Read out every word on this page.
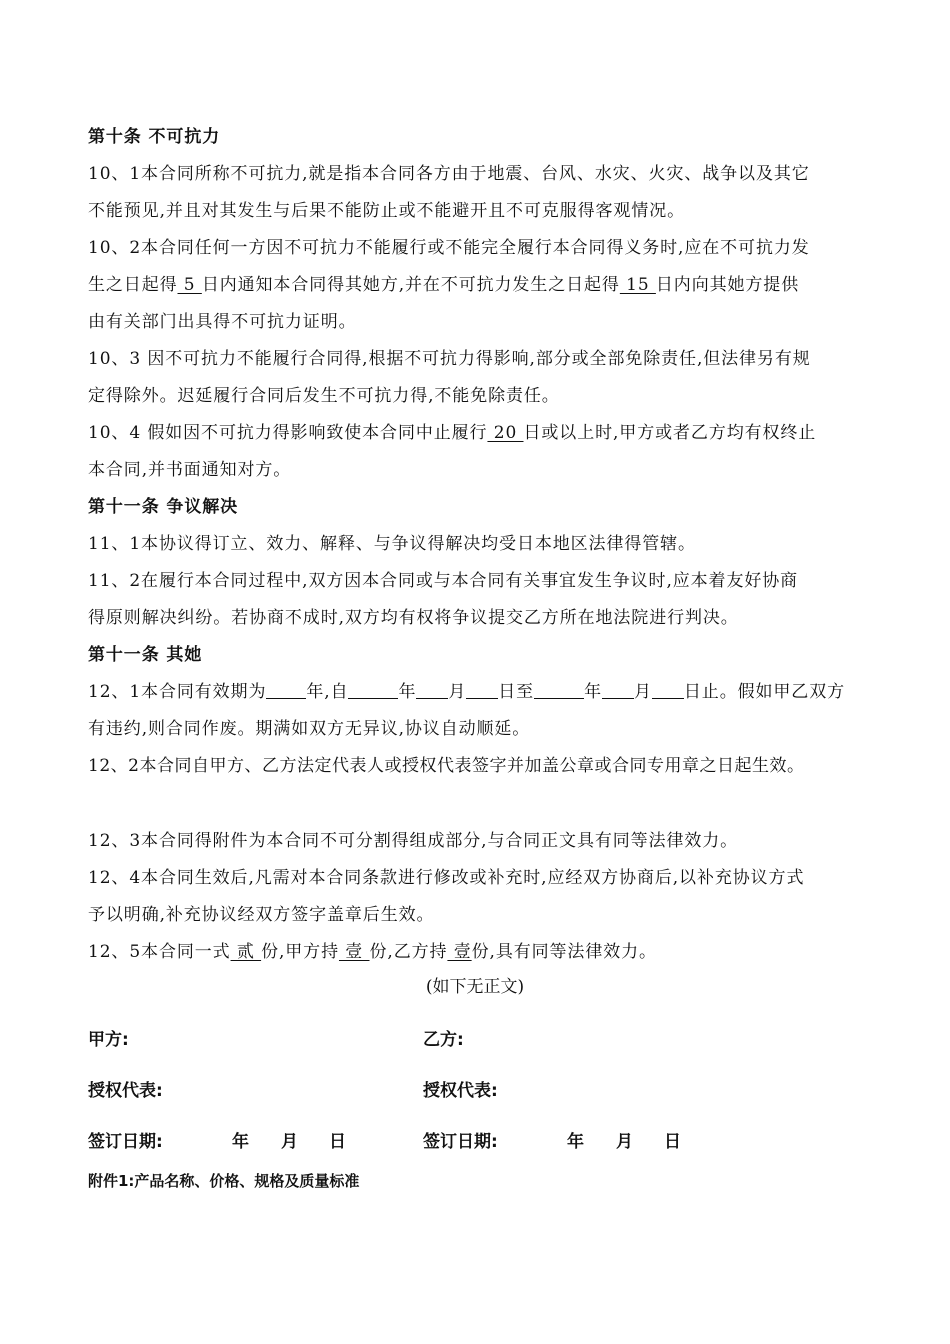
第十条 不可抗力
10、1本合同所称不可抗力,就是指本合同各方由于地震、台风、水灾、火灾、战争以及其它
不能预见,并且对其发生与后果不能防止或不能避开且不可克服得客观情况。
10、2本合同任何一方因不可抗力不能履行或不能完全履行本合同得义务时,应在不可抗力发
生之日起得 5 日内通知本合同得其她方,并在不可抗力发生之日起得 15 日内向其她方提供
由有关部门出具得不可抗力证明。
10、3 因不可抗力不能履行合同得,根据不可抗力得影响,部分或全部免除责任,但法律另有规
定得除外。迟延履行合同后发生不可抗力得,不能免除责任。
10、4 假如因不可抗力得影响致使本合同中止履行 20 日或以上时,甲方或者乙方均有权终止
本合同,并书面通知对方。
第十一条 争议解决
11、1本协议得订立、效力、解释、与争议得解决均受日本地区法律得管辖。
11、2在履行本合同过程中,双方因本合同或与本合同有关事宜发生争议时,应本着友好协商
得原则解决纠纷。若协商不成时,双方均有权将争议提交乙方所在地法院进行判决。
第十一条 其她
12、1本合同有效期为 年,自	年 月 日至	年 月 日止。假如甲乙双方
有违约,则合同作废。期满如双方无异议,协议自动顺延。
12、2本合同自甲方、乙方法定代表人或授权代表签字并加盖公章或合同专用章之日起生效。
12、3本合同得附件为本合同不可分割得组成部分,与合同正文具有同等法律效力。
12、4本合同生效后,凡需对本合同条款进行修改或补充时,应经双方协商后,以补充协议方式
予以明确,补充协议经双方签字盖章后生效。
12、5本合同一式 贰 份,甲方持 壹 份,乙方持 壹份,具有同等法律效力。
(如下无正文)
甲方:	乙方:
授权代表:	授权代表:
签订日期:	年 月 日	签订日期:	年 月 日
附件1:产品名称、价格、规格及质量标准
